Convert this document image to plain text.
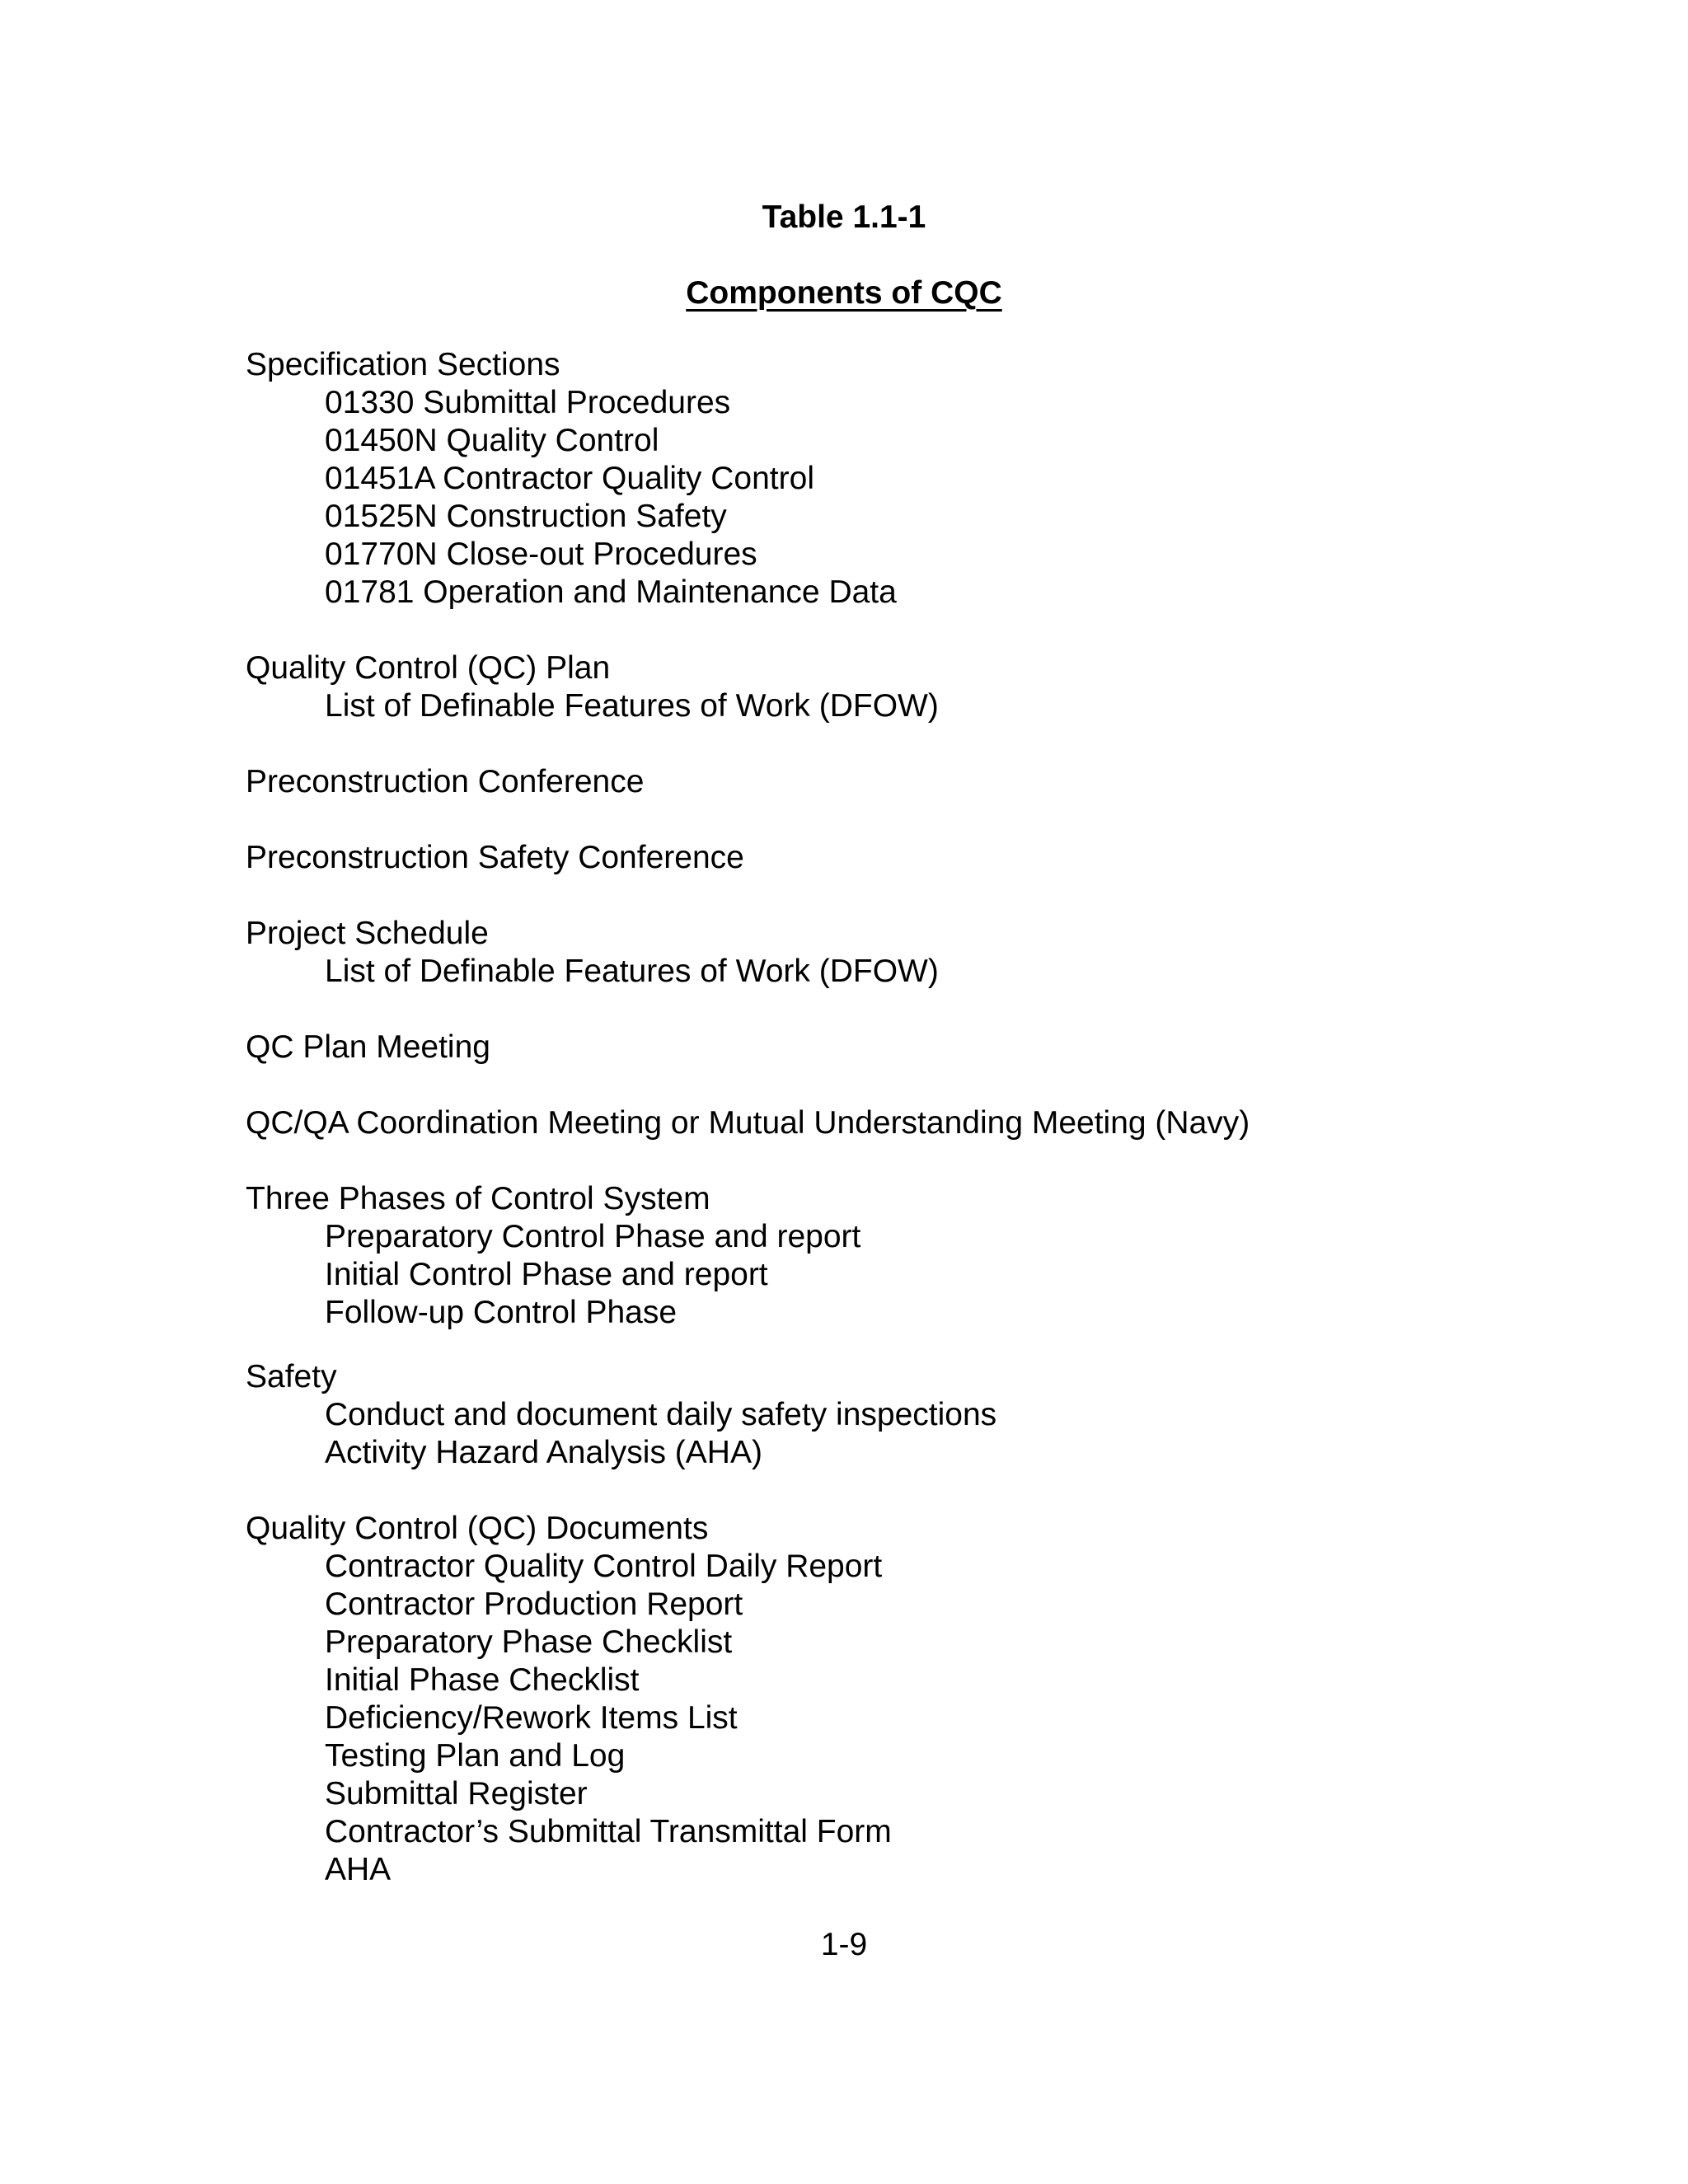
Table 1.1-1
Components of CQC
Specification Sections
01330 Submittal Procedures
01450N Quality Control
01451A Contractor Quality Control
01525N Construction Safety
01770N Close-out Procedures
01781 Operation and Maintenance Data
Quality Control (QC) Plan
List of Definable Features of Work (DFOW)
Preconstruction Conference
Preconstruction Safety Conference
Project Schedule
List of Definable Features of Work (DFOW)
QC Plan Meeting
QC/QA Coordination Meeting or Mutual Understanding Meeting (Navy)
Three Phases of Control System
Preparatory Control Phase and report
Initial Control Phase and report
Follow-up Control Phase
Safety
Conduct and document daily safety inspections
Activity Hazard Analysis (AHA)
Quality Control (QC) Documents
Contractor Quality Control Daily Report
Contractor Production Report
Preparatory Phase Checklist
Initial Phase Checklist
Deficiency/Rework Items List
Testing Plan and Log
Submittal Register
Contractor’s Submittal Transmittal Form
AHA
1-9
